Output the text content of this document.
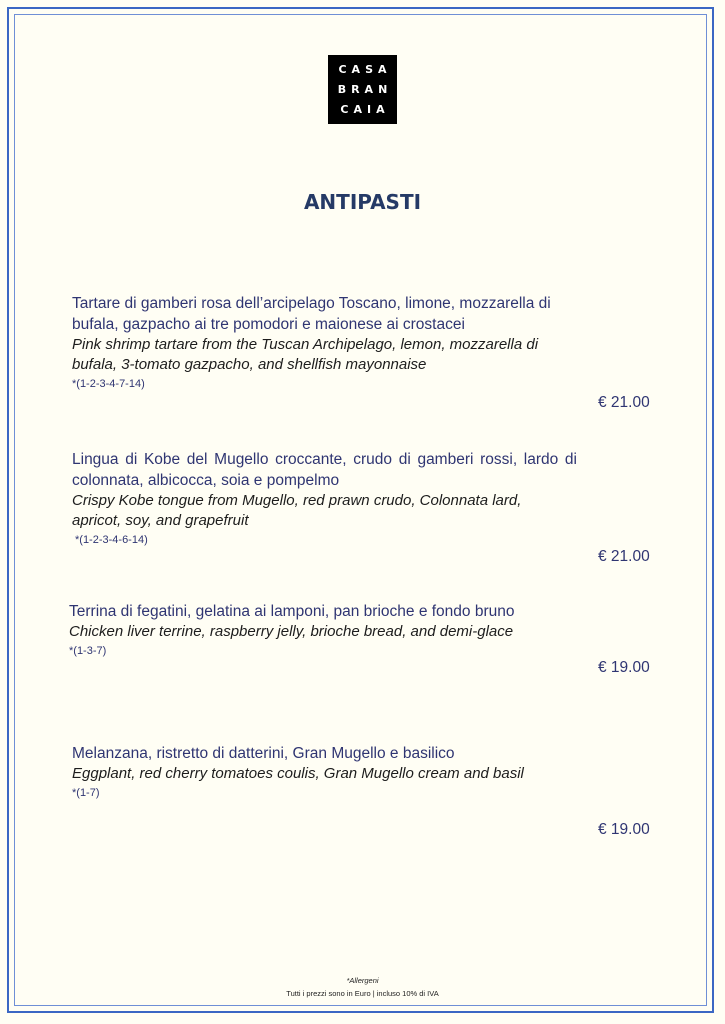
CASA
BRAN
CAIA
ANTIPASTI
Tartare di gamberi rosa dell’arcipelago Toscano, limone, mozzarella di bufala, gazpacho ai tre pomodori e maionese ai crostacei
Pink shrimp tartare from the Tuscan Archipelago, lemon, mozzarella di bufala, 3-tomato gazpacho, and shellfish mayonnaise
*(1-2-3-4-7-14)
€ 21.00
Lingua di Kobe del Mugello croccante, crudo di gamberi rossi, lardo di colonnata, albicocca, soia e pompelmo
Crispy Kobe tongue from Mugello, red prawn crudo, Colonnata lard, apricot, soy, and grapefruit
*(1-2-3-4-6-14)
€ 21.00
Terrina di fegatini, gelatina ai lamponi, pan brioche e fondo bruno
Chicken liver terrine, raspberry jelly, brioche bread, and demi-glace
*(1-3-7)
€ 19.00
Melanzana, ristretto di datterini, Gran Mugello e basilico
Eggplant, red cherry tomatoes coulis, Gran Mugello cream and basil
*(1-7)
€ 19.00
*Allergeni
Tutti i prezzi sono in Euro | incluso 10% di IVA
